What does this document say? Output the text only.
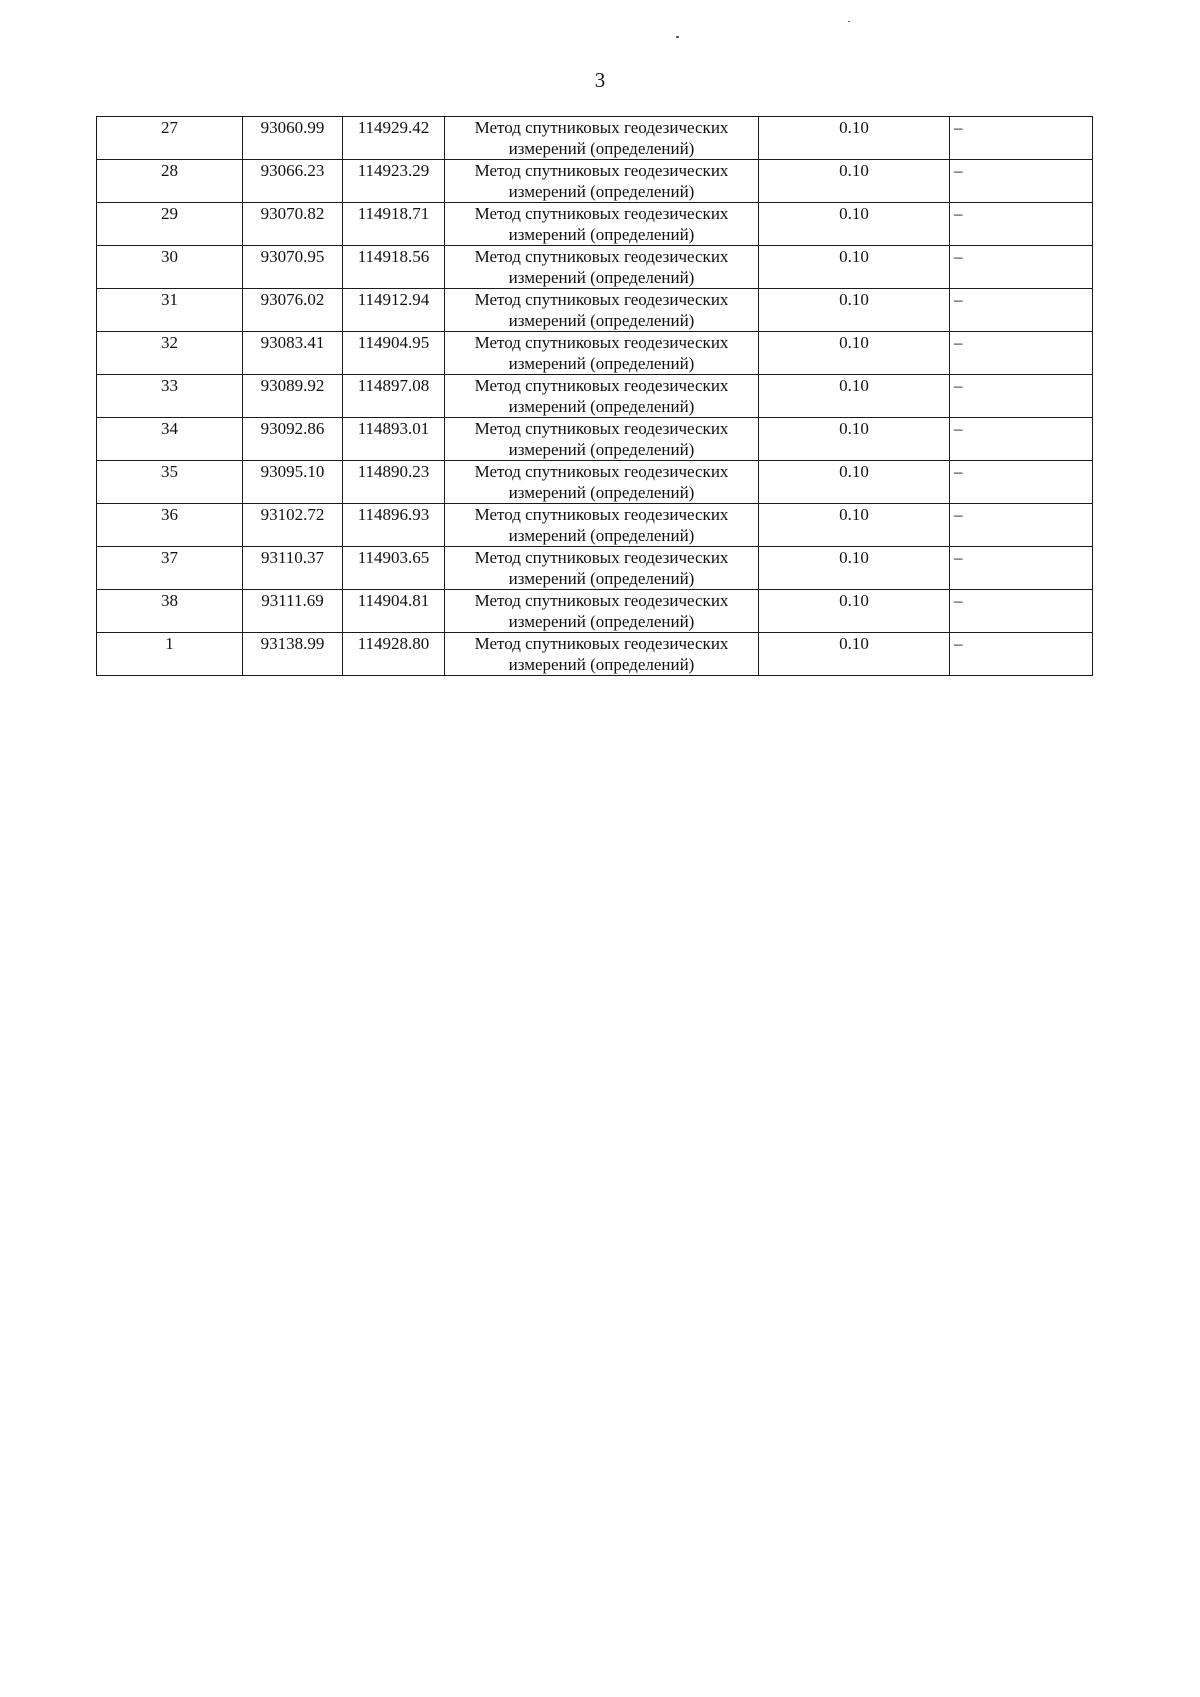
3
27	93060.99	114929.42	Метод спутниковых геодезических
измерений (определений)	0.10	–
28	93066.23	114923.29	Метод спутниковых геодезических
измерений (определений)	0.10	–
29	93070.82	114918.71	Метод спутниковых геодезических
измерений (определений)	0.10	–
30	93070.95	114918.56	Метод спутниковых геодезических
измерений (определений)	0.10	–
31	93076.02	114912.94	Метод спутниковых геодезических
измерений (определений)	0.10	–
32	93083.41	114904.95	Метод спутниковых геодезических
измерений (определений)	0.10	–
33	93089.92	114897.08	Метод спутниковых геодезических
измерений (определений)	0.10	–
34	93092.86	114893.01	Метод спутниковых геодезических
измерений (определений)	0.10	–
35	93095.10	114890.23	Метод спутниковых геодезических
измерений (определений)	0.10	–
36	93102.72	114896.93	Метод спутниковых геодезических
измерений (определений)	0.10	–
37	93110.37	114903.65	Метод спутниковых геодезических
измерений (определений)	0.10	–
38	93111.69	114904.81	Метод спутниковых геодезических
измерений (определений)	0.10	–
1	93138.99	114928.80	Метод спутниковых геодезических
измерений (определений)	0.10	–
